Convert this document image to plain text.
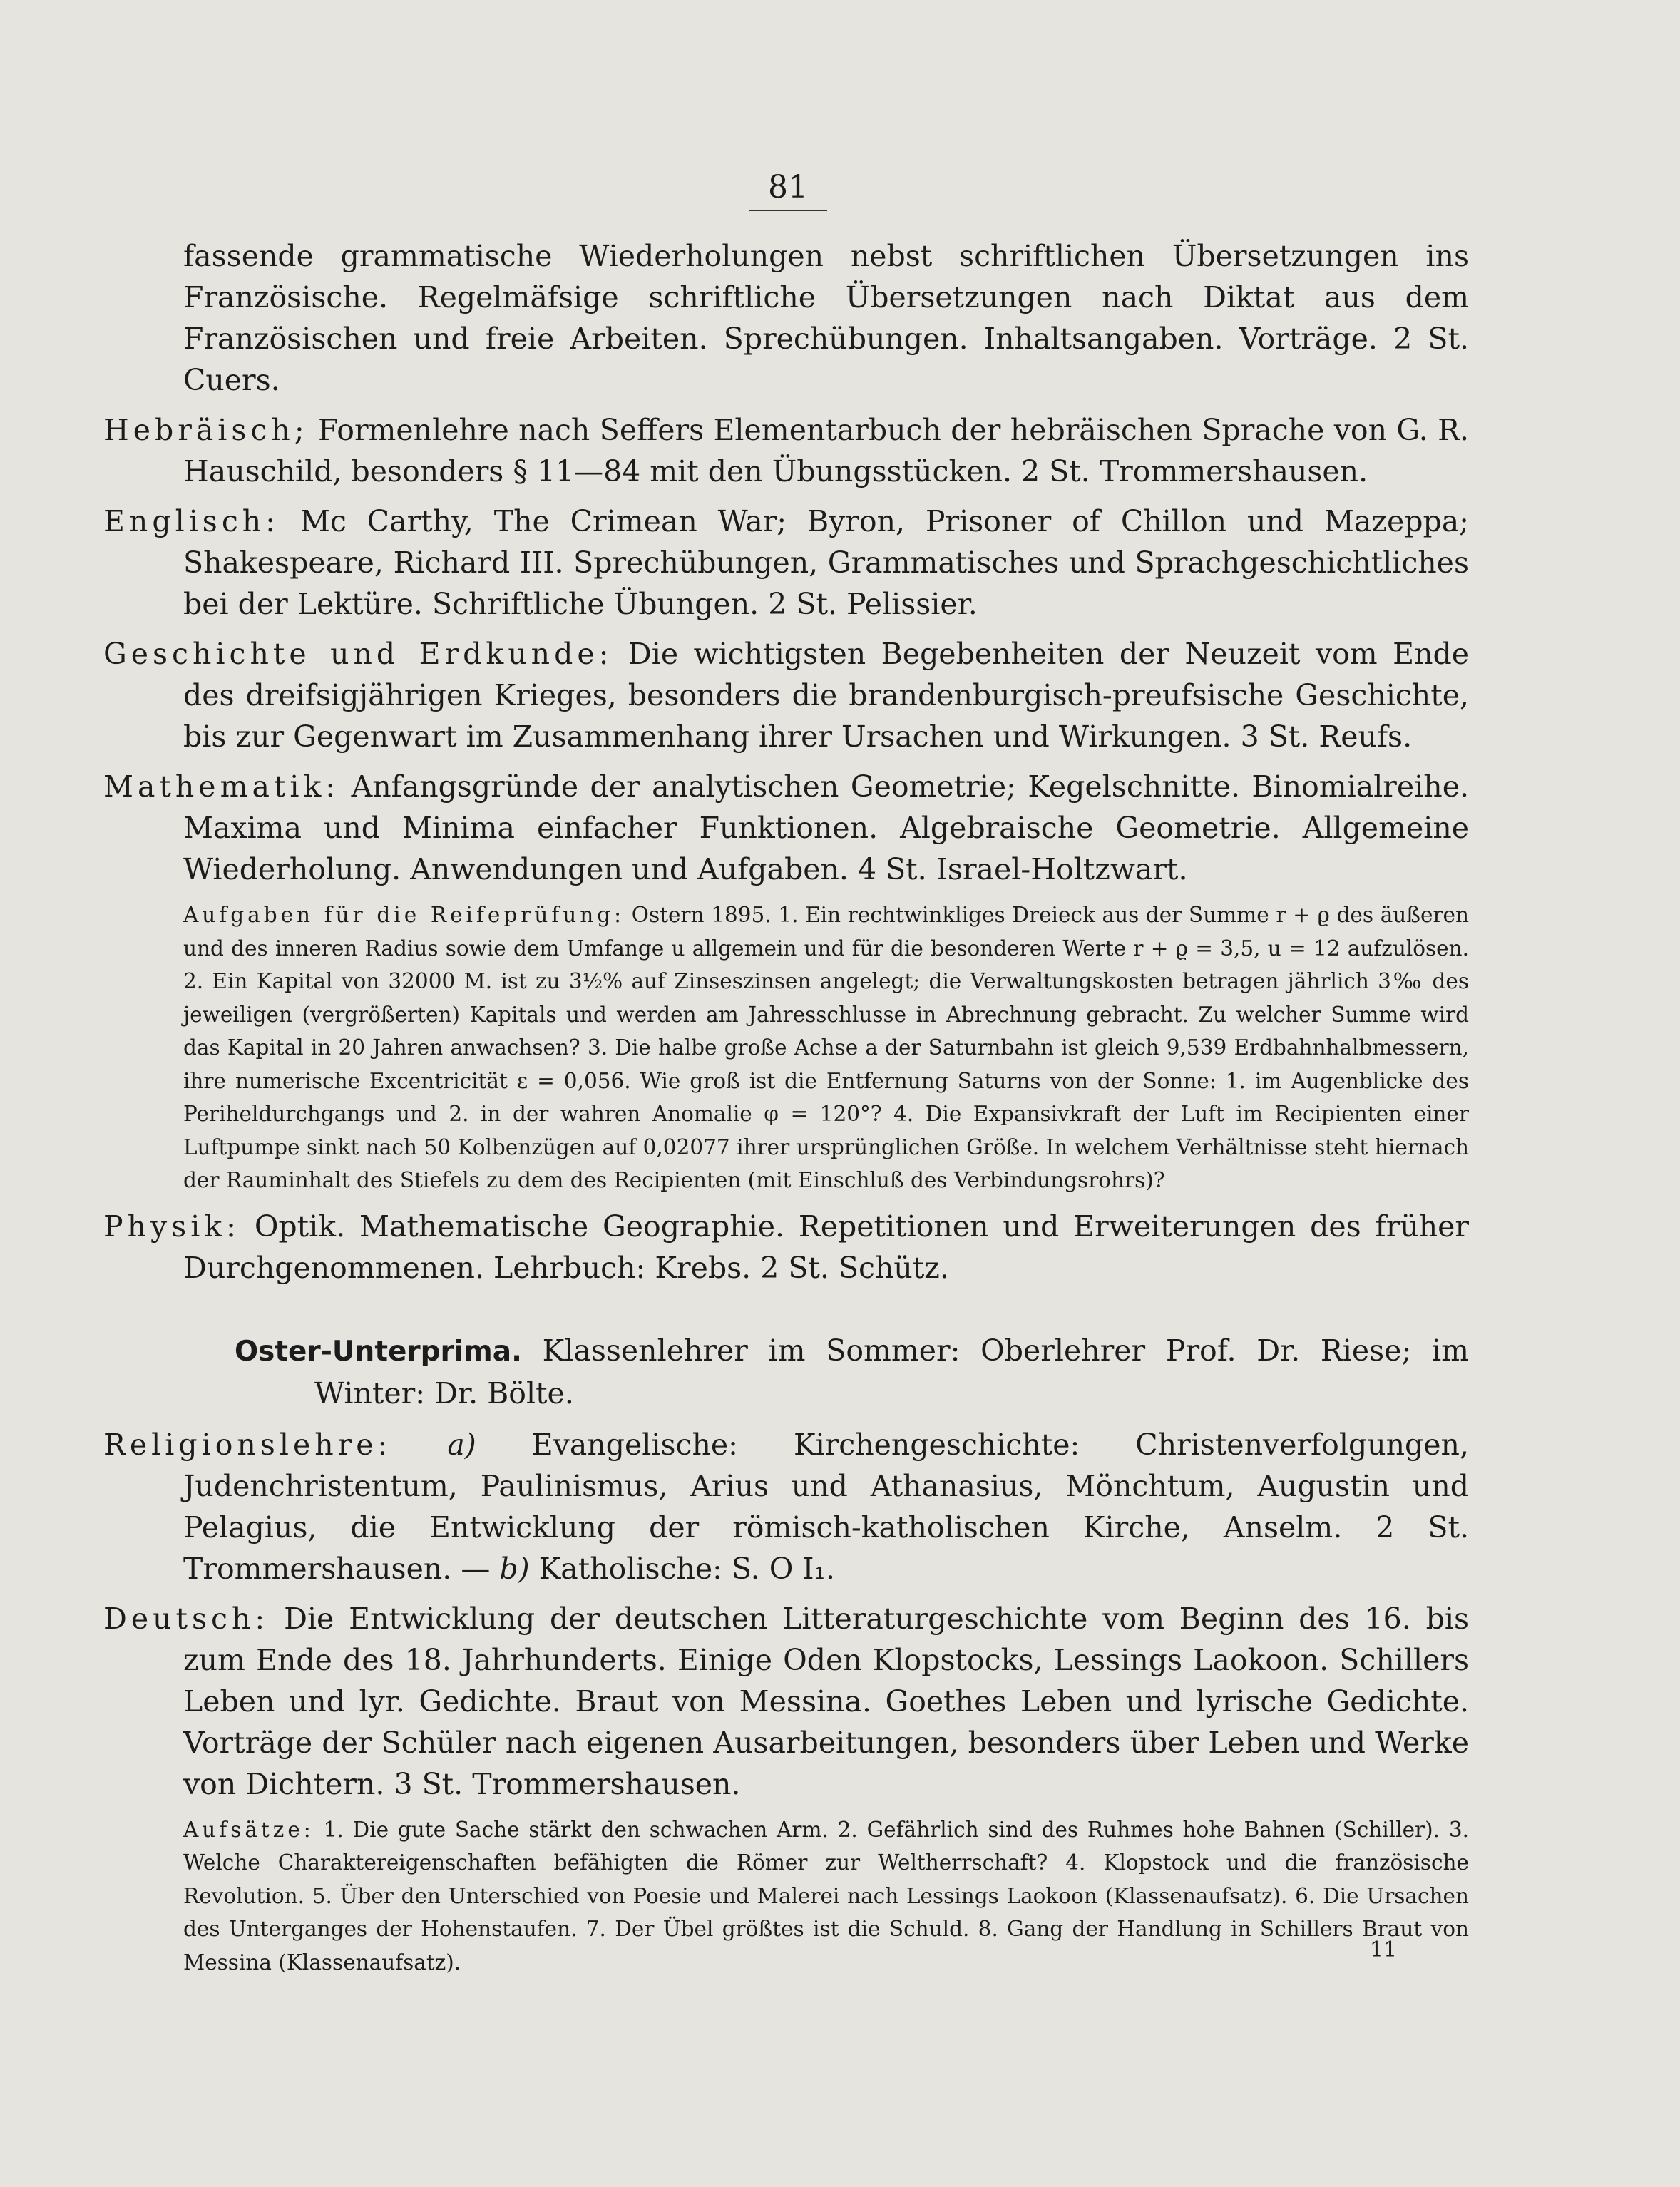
81

fassende grammatische Wiederholungen nebst schriftlichen Übersetzungen ins Französische. Regelmäfsige schriftliche Übersetzungen nach Diktat aus dem Französischen und freie Arbeiten. Sprechübungen. Inhaltsangaben. Vorträge. 2 St. Cuers.

Hebräisch; Formenlehre nach Seffers Elementarbuch der hebräischen Sprache von G. R. Hauschild, besonders § 11—84 mit den Übungsstücken. 2 St. Trommershausen.

Englisch: Mc Carthy, The Crimean War; Byron, Prisoner of Chillon und Mazeppa; Shakespeare, Richard III. Sprechübungen, Grammatisches und Sprachgeschichtliches bei der Lektüre. Schriftliche Übungen. 2 St. Pelissier.

Geschichte und Erdkunde: Die wichtigsten Begebenheiten der Neuzeit vom Ende des dreifsigjährigen Krieges, besonders die brandenburgisch-preufsische Geschichte, bis zur Gegenwart im Zusammenhang ihrer Ursachen und Wirkungen. 3 St. Reufs.

Mathematik: Anfangsgründe der analytischen Geometrie; Kegelschnitte. Binomialreihe. Maxima und Minima einfacher Funktionen. Algebraische Geometrie. Allgemeine Wiederholung. Anwendungen und Aufgaben. 4 St. Israel-Holtzwart.

Aufgaben für die Reifeprüfung: Ostern 1895. 1. Ein rechtwinkliges Dreieck aus der Summe r + ϱ des äußeren und des inneren Radius sowie dem Umfange u allgemein und für die besonderen Werte r + ϱ = 3,5, u = 12 aufzulösen. 2. Ein Kapital von 32000 M. ist zu 3½% auf Zinseszinsen angelegt; die Verwaltungskosten betragen jährlich 3‰ des jeweiligen (vergrößerten) Kapitals und werden am Jahresschlusse in Abrechnung gebracht. Zu welcher Summe wird das Kapital in 20 Jahren anwachsen? 3. Die halbe große Achse a der Saturnbahn ist gleich 9,539 Erdbahnhalbmessern, ihre numerische Excentricität ε = 0,056. Wie groß ist die Entfernung Saturns von der Sonne: 1. im Augenblicke des Periheldurchgangs und 2. in der wahren Anomalie φ = 120°? 4. Die Expansivkraft der Luft im Recipienten einer Luftpumpe sinkt nach 50 Kolbenzügen auf 0,02077 ihrer ursprünglichen Größe. In welchem Verhältnisse steht hiernach der Rauminhalt des Stiefels zu dem des Recipienten (mit Einschluß des Verbindungsrohrs)?

Physik: Optik. Mathematische Geographie. Repetitionen und Erweiterungen des früher Durchgenommenen. Lehrbuch: Krebs. 2 St. Schütz.

Oster-Unterprima. Klassenlehrer im Sommer: Oberlehrer Prof. Dr. Riese; im Winter: Dr. Bölte.

Religionslehre: a) Evangelische: Kirchengeschichte: Christenverfolgungen, Judenchristentum, Paulinismus, Arius und Athanasius, Mönchtum, Augustin und Pelagius, die Entwicklung der römisch-katholischen Kirche, Anselm. 2 St. Trommershausen. — b) Katholische: S. O I₁.

Deutsch: Die Entwicklung der deutschen Litteraturgeschichte vom Beginn des 16. bis zum Ende des 18. Jahrhunderts. Einige Oden Klopstocks, Lessings Laokoon. Schillers Leben und lyr. Gedichte. Braut von Messina. Goethes Leben und lyrische Gedichte. Vorträge der Schüler nach eigenen Ausarbeitungen, besonders über Leben und Werke von Dichtern. 3 St. Trommershausen.

Aufsätze: 1. Die gute Sache stärkt den schwachen Arm. 2. Gefährlich sind des Ruhmes hohe Bahnen (Schiller). 3. Welche Charaktereigenschaften befähigten die Römer zur Weltherrschaft? 4. Klopstock und die französische Revolution. 5. Über den Unterschied von Poesie und Malerei nach Lessings Laokoon (Klassenaufsatz). 6. Die Ursachen des Unterganges der Hohenstaufen. 7. Der Übel größtes ist die Schuld. 8. Gang der Handlung in Schillers Braut von Messina (Klassenaufsatz).	11
